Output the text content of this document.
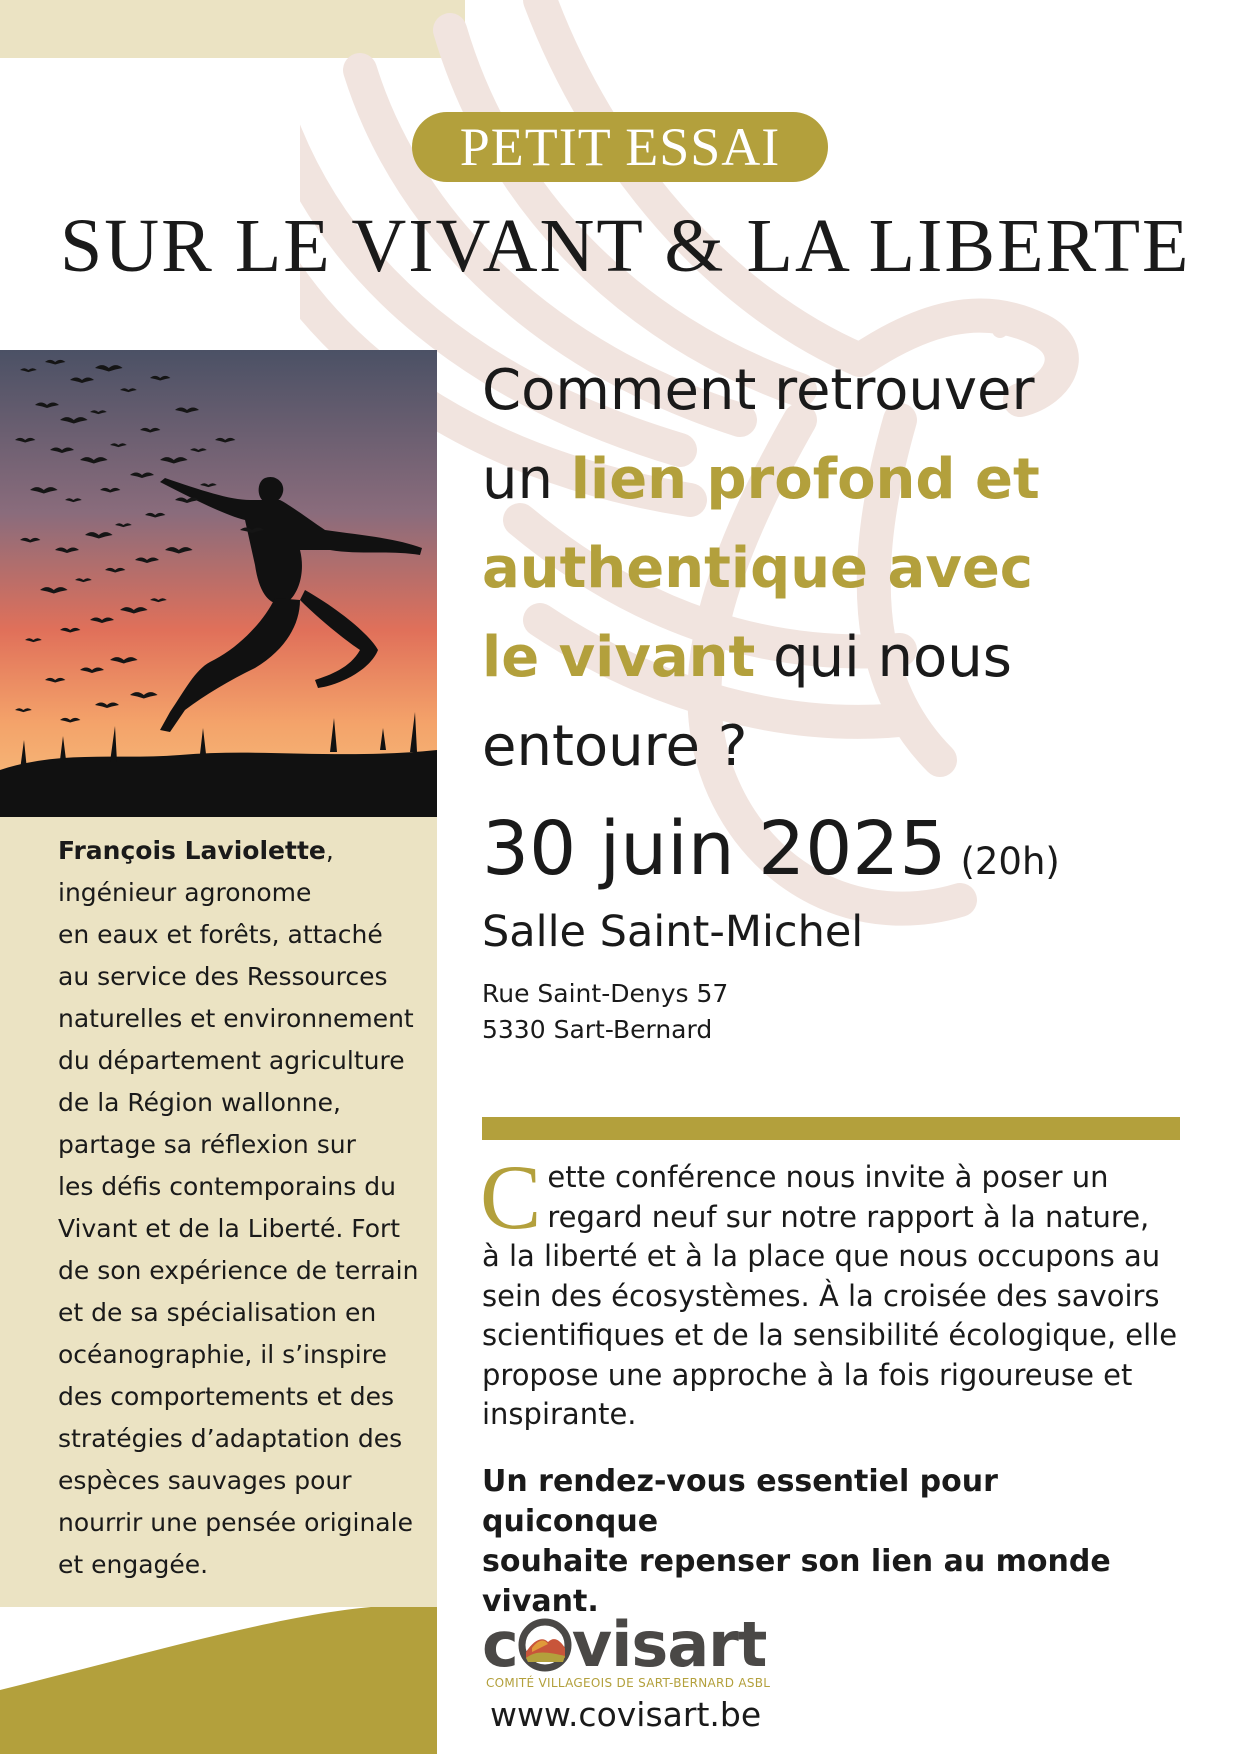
PETIT ESSAI
SUR LE VIVANT & LA LIBERTE
François Laviolette,
ingénieur agronome
en eaux et forêts, attaché
au service des Ressources
naturelles et environnement
du département agriculture
de la Région wallonne,
partage sa réflexion sur
les défis contemporains du
Vivant et de la Liberté. Fort
de son expérience de terrain
et de sa spécialisation en
océanographie, il s’inspire
des comportements et des
stratégies d’adaptation des
espèces sauvages pour
nourrir une pensée originale
et engagée.
Comment retrouver
un lien profond et
authentique avec
le vivant qui nous
entoure ?
30 juin 2025 (20h)
Salle Saint-Michel
Rue Saint-Denys 57
5330 Sart-Bernard
C ette conférence nous invite à poser un
regard neuf sur notre rapport à la nature,
à la liberté et à la place que nous occupons au
sein des écosystèmes. À la croisée des savoirs
scientifiques et de la sensibilité écologique, elle
propose une approche à la fois rigoureuse et
inspirante.
Un rendez-vous essentiel pour quiconque
souhaite repenser son lien au monde
vivant.
c visart
COMITÉ VILLAGEOIS DE SART-BERNARD ASBL
www.covisart.be
